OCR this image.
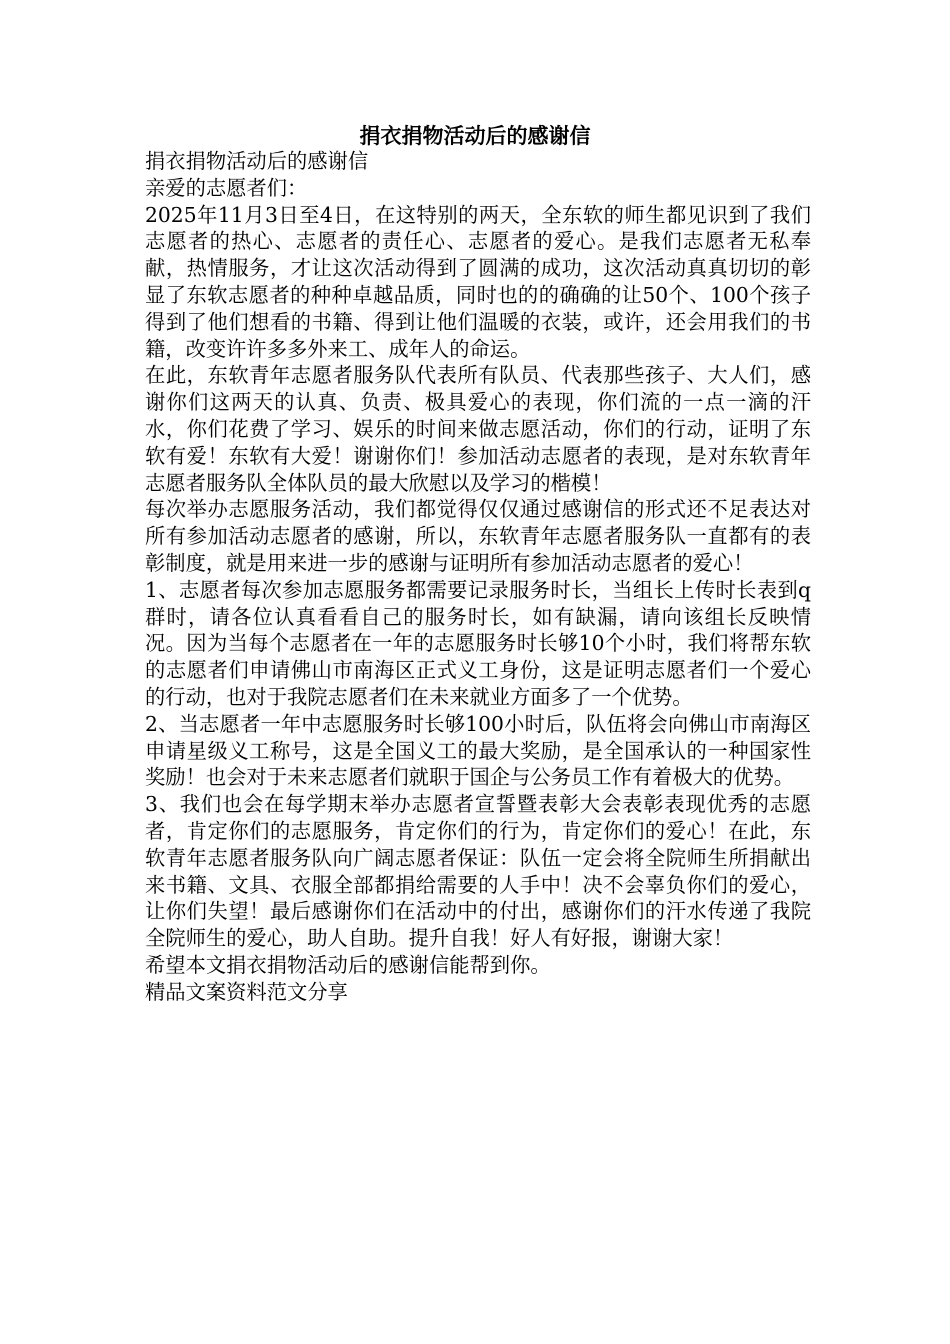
捐衣捐物活动后的感谢信

捐衣捐物活动后的感谢信

亲爱的志愿者们：

2025年11月3日至4日，在这特别的两天，全东软的师生都见识到了我们志愿者的热心、志愿者的责任心、志愿者的爱心。是我们志愿者无私奉献，热情服务，才让这次活动得到了圆满的成功，这次活动真真切切的彰显了东软志愿者的种种卓越品质，同时也的的确确的让50个、100个孩子得到了他们想看的书籍、得到让他们温暖的衣装，或许，还会用我们的书籍，改变许许多多外来工、成年人的命运。

在此，东软青年志愿者服务队代表所有队员、代表那些孩子、大人们，感谢你们这两天的认真、负责、极具爱心的表现，你们流的一点一滴的汗水，你们花费了学习、娱乐的时间来做志愿活动，你们的行动，证明了东软有爱！东软有大爱！谢谢你们！参加活动志愿者的表现，是对东软青年志愿者服务队全体队员的最大欣慰以及学习的楷模！

每次举办志愿服务活动，我们都觉得仅仅通过感谢信的形式还不足表达对所有参加活动志愿者的感谢，所以，东软青年志愿者服务队一直都有的表彰制度，就是用来进一步的感谢与证明所有参加活动志愿者的爱心！

1、志愿者每次参加志愿服务都需要记录服务时长，当组长上传时长表到q群时，请各位认真看看自己的服务时长，如有缺漏，请向该组长反映情况。因为当每个志愿者在一年的志愿服务时长够10个小时，我们将帮东软的志愿者们申请佛山市南海区正式义工身份，这是证明志愿者们一个爱心的行动，也对于我院志愿者们在未来就业方面多了一个优势。

2、当志愿者一年中志愿服务时长够100小时后，队伍将会向佛山市南海区申请星级义工称号，这是全国义工的最大奖励，是全国承认的一种国家性奖励！也会对于未来志愿者们就职于国企与公务员工作有着极大的优势。

3、我们也会在每学期末举办志愿者宣誓暨表彰大会表彰表现优秀的志愿者，肯定你们的志愿服务，肯定你们的行为，肯定你们的爱心！在此，东软青年志愿者服务队向广阔志愿者保证：队伍一定会将全院师生所捐献出来书籍、文具、衣服全部都捐给需要的人手中！决不会辜负你们的爱心，让你们失望！最后感谢你们在活动中的付出，感谢你们的汗水传递了我院全院师生的爱心，助人自助。提升自我！好人有好报，谢谢大家！

希望本文捐衣捐物活动后的感谢信能帮到你。

精品文案资料范文分享
